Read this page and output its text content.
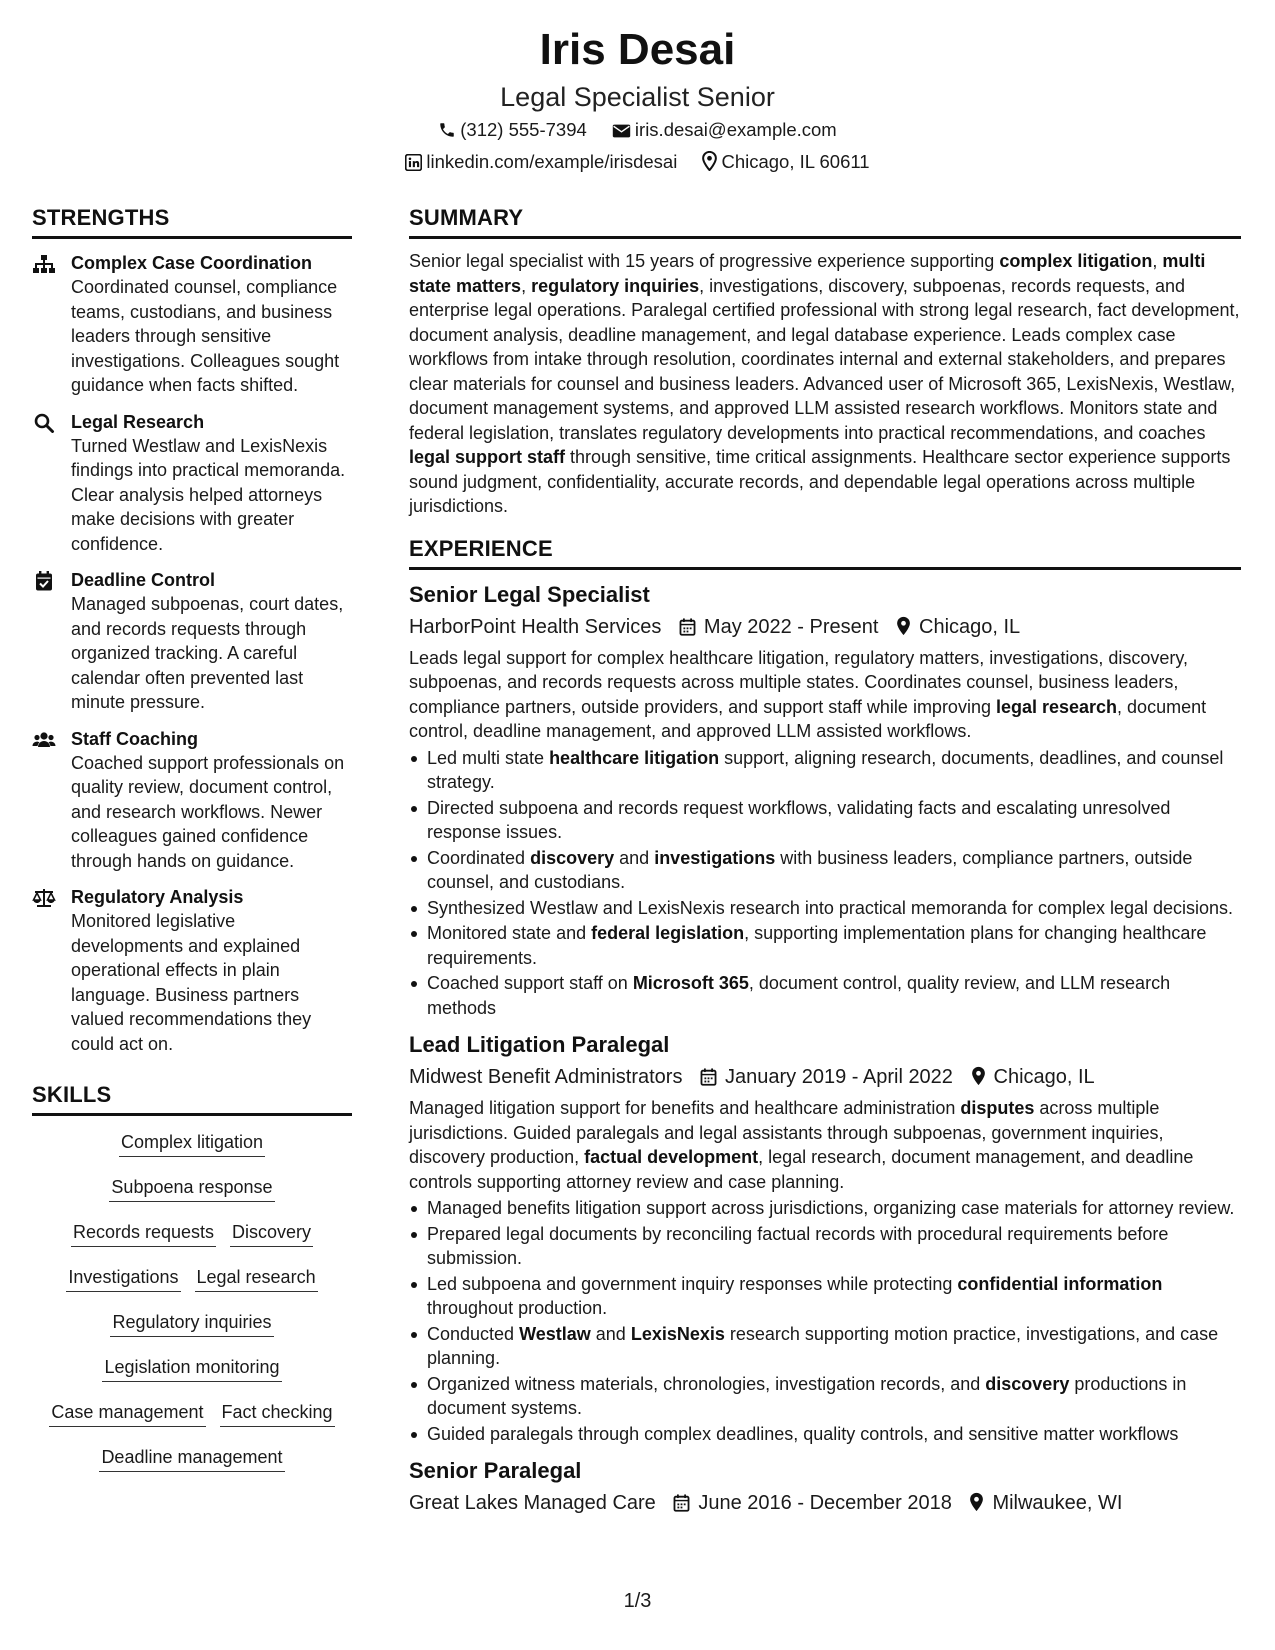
Iris Desai
Legal Specialist Senior
(312) 555-7394	iris.desai@example.com
linkedin.com/example/irisdesai Chicago, IL 60611
STRENGTHS
Complex Case Coordination
Coordinated counsel, compliance teams, custodians, and business leaders through sensitive investigations. Colleagues sought guidance when facts shifted.
Legal Research
Turned Westlaw and LexisNexis findings into practical memoranda. Clear analysis helped attorneys make decisions with greater confidence.
Deadline Control
Managed subpoenas, court dates, and records requests through organized tracking. A careful calendar often prevented last minute pressure.
Staff Coaching
Coached support professionals on quality review, document control, and research workflows. Newer colleagues gained confidence through hands on guidance.
Regulatory Analysis
Monitored legislative developments and explained operational effects in plain language. Business partners valued recommendations they could act on.
SKILLS
Complex litigation
Subpoena response
Records requests Discovery
Investigations Legal research
Regulatory inquiries
Legislation monitoring
Case management Fact checking
Deadline management
SUMMARY
Senior legal specialist with 15 years of progressive experience supporting complex litigation, multi state matters, regulatory inquiries, investigations, discovery, subpoenas, records requests, and enterprise legal operations. Paralegal certified professional with strong legal research, fact development, document analysis, deadline management, and legal database experience. Leads complex case workflows from intake through resolution, coordinates internal and external stakeholders, and prepares clear materials for counsel and business leaders. Advanced user of Microsoft 365, LexisNexis, Westlaw, document management systems, and approved LLM assisted research workflows. Monitors state and federal legislation, translates regulatory developments into practical recommendations, and coaches legal support staff through sensitive, time critical assignments. Healthcare sector experience supports sound judgment, confidentiality, accurate records, and dependable legal operations across multiple jurisdictions.
EXPERIENCE
Senior Legal Specialist
HarborPoint Health Services May 2022 - Present Chicago, IL
Leads legal support for complex healthcare litigation, regulatory matters, investigations, discovery, subpoenas, and records requests across multiple states. Coordinates counsel, business leaders, compliance partners, outside providers, and support staff while improving legal research, document control, deadline management, and approved LLM assisted workflows.
Led multi state healthcare litigation support, aligning research, documents, deadlines, and counsel strategy.
Directed subpoena and records request workflows, validating facts and escalating unresolved response issues.
Coordinated discovery and investigations with business leaders, compliance partners, outside counsel, and custodians.
Synthesized Westlaw and LexisNexis research into practical memoranda for complex legal decisions.
Monitored state and federal legislation, supporting implementation plans for changing healthcare requirements.
Coached support staff on Microsoft 365, document control, quality review, and LLM research methods
Lead Litigation Paralegal
Midwest Benefit Administrators January 2019 - April 2022 Chicago, IL
Managed litigation support for benefits and healthcare administration disputes across multiple jurisdictions. Guided paralegals and legal assistants through subpoenas, government inquiries, discovery production, factual development, legal research, document management, and deadline controls supporting attorney review and case planning.
Managed benefits litigation support across jurisdictions, organizing case materials for attorney review.
Prepared legal documents by reconciling factual records with procedural requirements before submission.
Led subpoena and government inquiry responses while protecting confidential information throughout production.
Conducted Westlaw and LexisNexis research supporting motion practice, investigations, and case planning.
Organized witness materials, chronologies, investigation records, and discovery productions in document systems.
Guided paralegals through complex deadlines, quality controls, and sensitive matter workflows
Senior Paralegal
Great Lakes Managed Care June 2016 - December 2018 Milwaukee, WI
1/3
